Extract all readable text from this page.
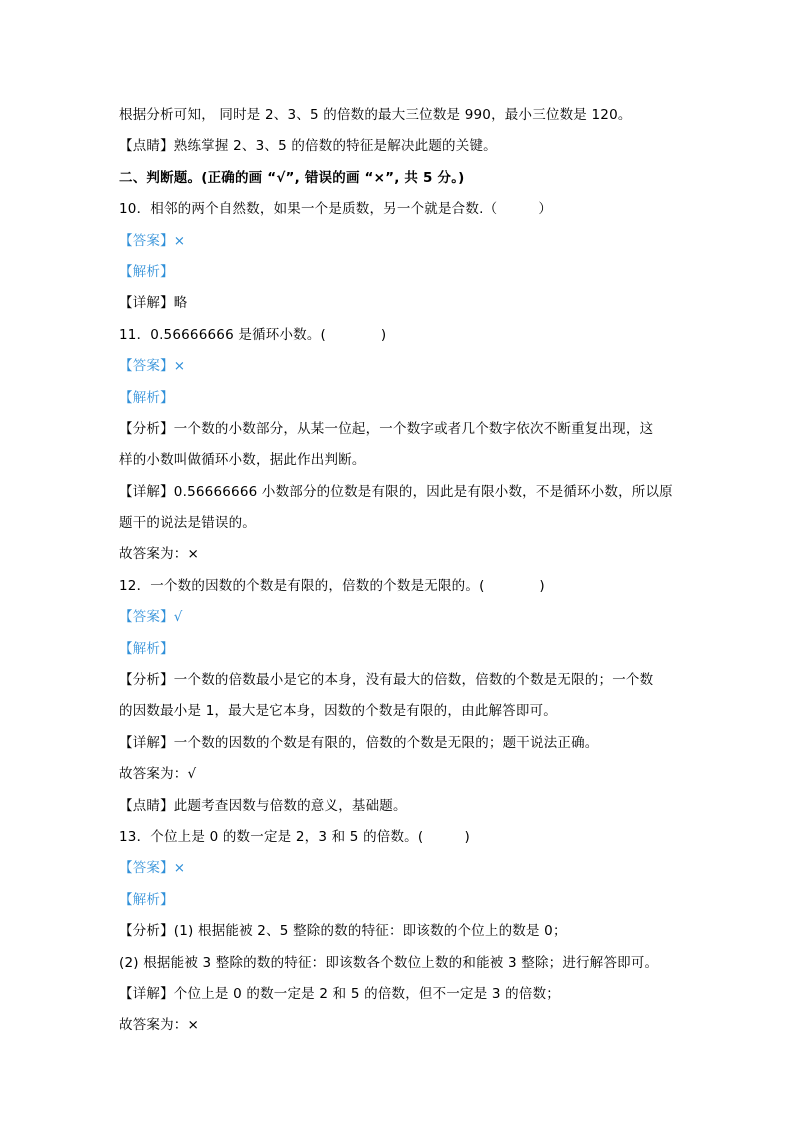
根据分析可知， 同时是 2、3、5 的倍数的最大三位数是 990，最小三位数是 120。
【点睛】熟练掌握 2、3、5 的倍数的特征是解决此题的关键。
二、判断题。(正确的画 “√”, 错误的画 “×”, 共 5 分。)
10．相邻的两个自然数，如果一个是质数，另一个就是合数.（　　　）
【答案】×
【解析】
【详解】略
11．0.56666666 是循环小数。(　　　　)
【答案】×
【解析】
【分析】一个数的小数部分，从某一位起，一个数字或者几个数字依次不断重复出现，这
样的小数叫做循环小数，据此作出判断。
【详解】0.56666666 小数部分的位数是有限的，因此是有限小数，不是循环小数，所以原
题干的说法是错误的。
故答案为：×
12．一个数的因数的个数是有限的，倍数的个数是无限的。(　　　　)
【答案】√
【解析】
【分析】一个数的倍数最小是它的本身，没有最大的倍数，倍数的个数是无限的；一个数
的因数最小是 1，最大是它本身，因数的个数是有限的，由此解答即可。
【详解】一个数的因数的个数是有限的，倍数的个数是无限的；题干说法正确。
故答案为：√
【点睛】此题考查因数与倍数的意义，基础题。
13．个位上是 0 的数一定是 2，3 和 5 的倍数。(　　　)
【答案】×
【解析】
【分析】(1) 根据能被 2、5 整除的数的特征：即该数的个位上的数是 0；
(2) 根据能被 3 整除的数的特征：即该数各个数位上数的和能被 3 整除；进行解答即可。
【详解】个位上是 0 的数一定是 2 和 5 的倍数，但不一定是 3 的倍数；
故答案为：×
